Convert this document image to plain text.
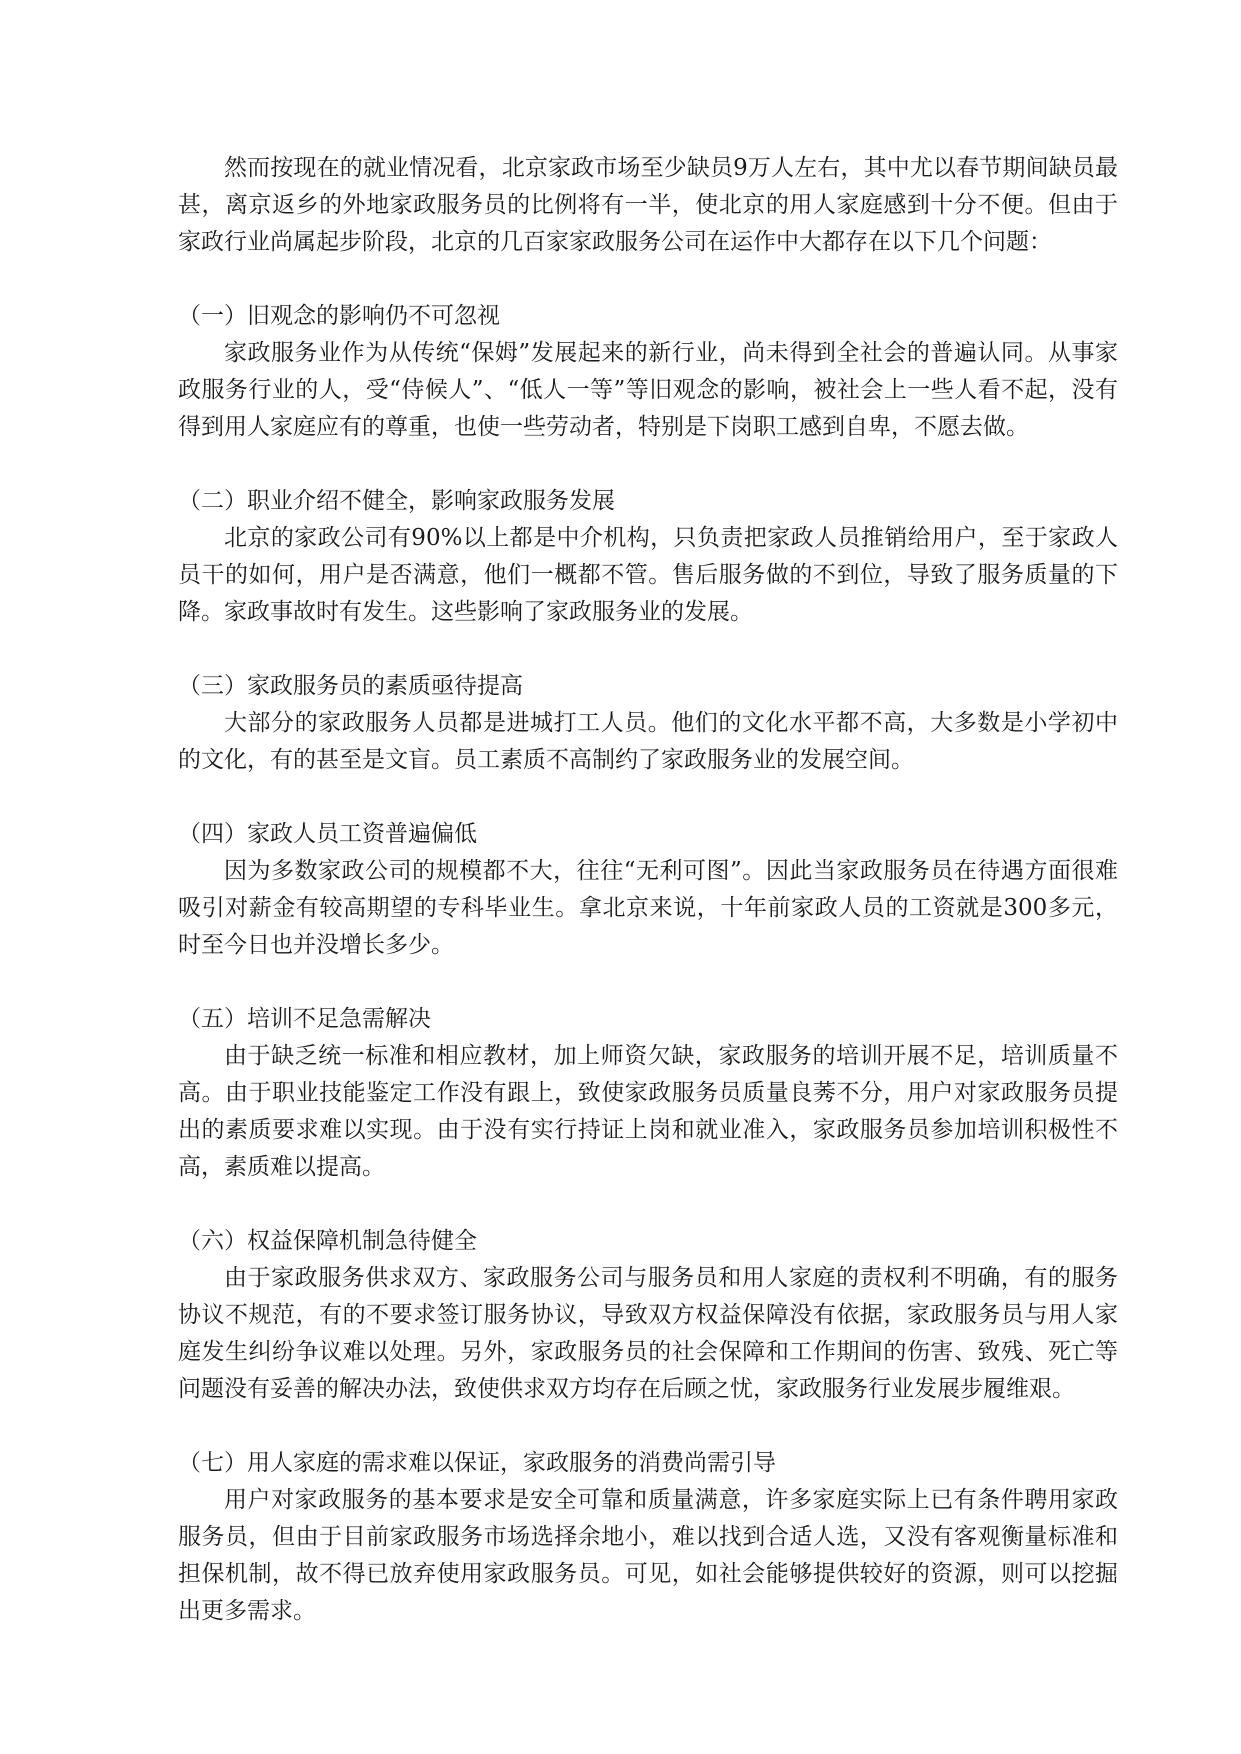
然而按现在的就业情况看，北京家政市场至少缺员9万人左右，其中尤以春节期间缺员最甚，离京返乡的外地家政服务员的比例将有一半，使北京的用人家庭感到十分不便。但由于家政行业尚属起步阶段，北京的几百家家政服务公司在运作中大都存在以下几个问题：

（一）旧观念的影响仍不可忽视

家政服务业作为从传统“保姆”发展起来的新行业，尚未得到全社会的普遍认同。从事家政服务行业的人，受“侍候人”、“低人一等”等旧观念的影响，被社会上一些人看不起，没有得到用人家庭应有的尊重，也使一些劳动者，特别是下岗职工感到自卑，不愿去做。

（二）职业介绍不健全，影响家政服务发展

北京的家政公司有90%以上都是中介机构，只负责把家政人员推销给用户，至于家政人员干的如何，用户是否满意，他们一概都不管。售后服务做的不到位，导致了服务质量的下降。家政事故时有发生。这些影响了家政服务业的发展。

（三）家政服务员的素质亟待提高

大部分的家政服务人员都是进城打工人员。他们的文化水平都不高，大多数是小学初中的文化，有的甚至是文盲。员工素质不高制约了家政服务业的发展空间。

（四）家政人员工资普遍偏低

因为多数家政公司的规模都不大，往往“无利可图”。因此当家政服务员在待遇方面很难吸引对薪金有较高期望的专科毕业生。拿北京来说，十年前家政人员的工资就是300多元，时至今日也并没增长多少。

（五）培训不足急需解决

由于缺乏统一标准和相应教材，加上师资欠缺，家政服务的培训开展不足，培训质量不高。由于职业技能鉴定工作没有跟上，致使家政服务员质量良莠不分，用户对家政服务员提出的素质要求难以实现。由于没有实行持证上岗和就业准入，家政服务员参加培训积极性不高，素质难以提高。

（六）权益保障机制急待健全

由于家政服务供求双方、家政服务公司与服务员和用人家庭的责权利不明确，有的服务协议不规范，有的不要求签订服务协议，导致双方权益保障没有依据，家政服务员与用人家庭发生纠纷争议难以处理。另外，家政服务员的社会保障和工作期间的伤害、致残、死亡等问题没有妥善的解决办法，致使供求双方均存在后顾之忧，家政服务行业发展步履维艰。

（七）用人家庭的需求难以保证，家政服务的消费尚需引导

用户对家政服务的基本要求是安全可靠和质量满意，许多家庭实际上已有条件聘用家政服务员，但由于目前家政服务市场选择余地小，难以找到合适人选，又没有客观衡量标准和担保机制，故不得已放弃使用家政服务员。可见，如社会能够提供较好的资源，则可以挖掘出更多需求。
